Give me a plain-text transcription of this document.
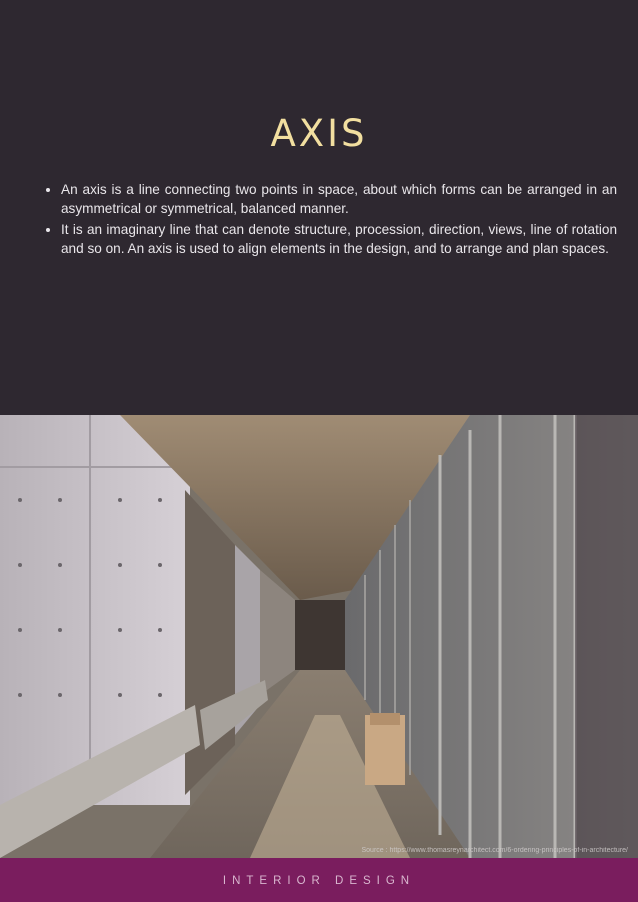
AXIS
• An axis is a line connecting two points in space, about which forms can be arranged in an asymmetrical or symmetrical, balanced manner.
• It is an imaginary line that can denote structure, procession, direction, views, line of rotation and so on. An axis is used to align elements in the design, and to arrange and plan spaces.
Source : https://www.thomasreynarchitect.com/6-ordering-principles-of-in-architecture/
INTERIOR DESIGN
